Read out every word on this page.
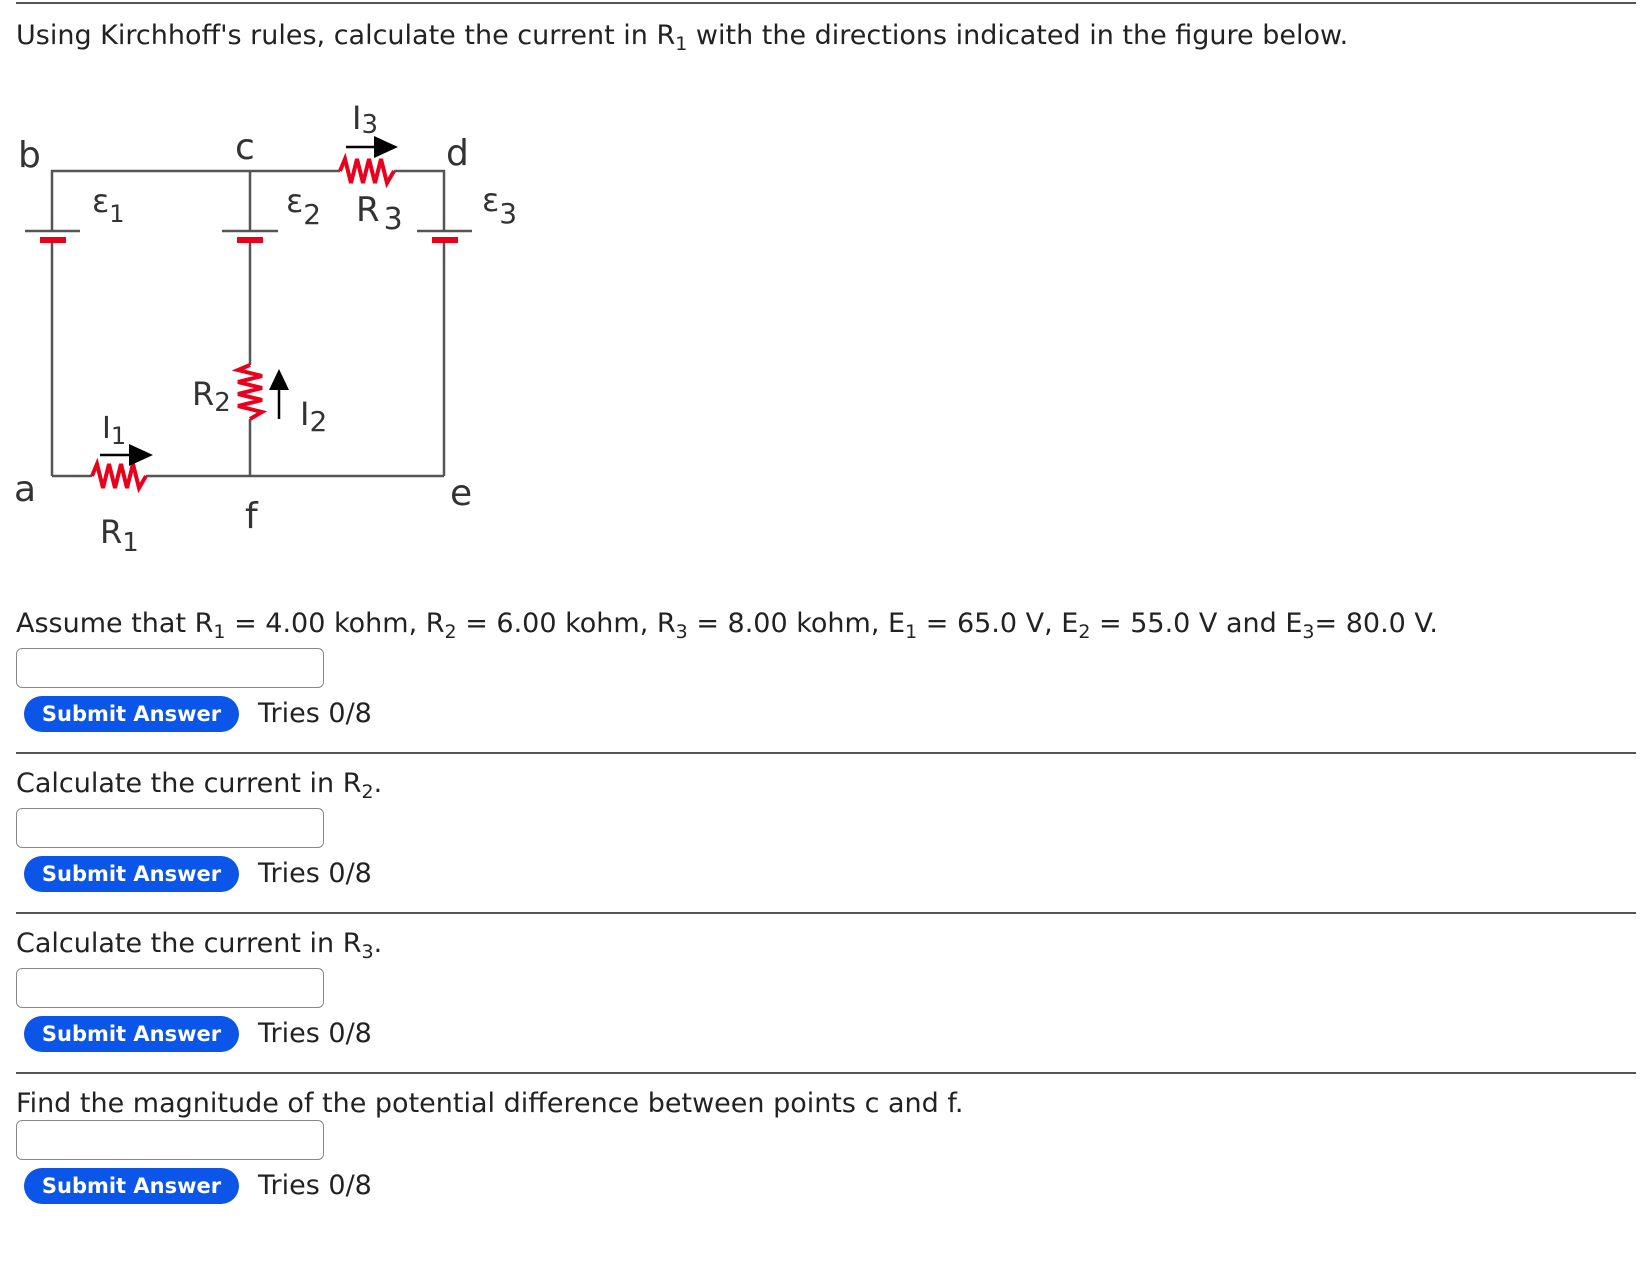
Using Kirchhoff's rules, calculate the current in $R_1$ with the directions indicated in the figure below.
b	c	d
a
f
e
$\varepsilon_1$	ε2	ε3
R 3
R2
$R_1$
I3
I2
$I_1$
Assume that $R_1 = 4.00$ kohm, $R_2 = 6.00$ kohm, $R_3 = 8.00$ kohm, $E_1 = 65.0$ V, $E_2 = 55.0$ V and $E_3= 80.0$ V.
Submit Answer	Tries 0/8
Calculate the current in $R_2$.
Submit Answer	Tries 0/8
Calculate the current in $R_3$.
Submit Answer	Tries 0/8
Find the magnitude of the potential difference between points c and f.
Submit Answer	Tries 0/8
